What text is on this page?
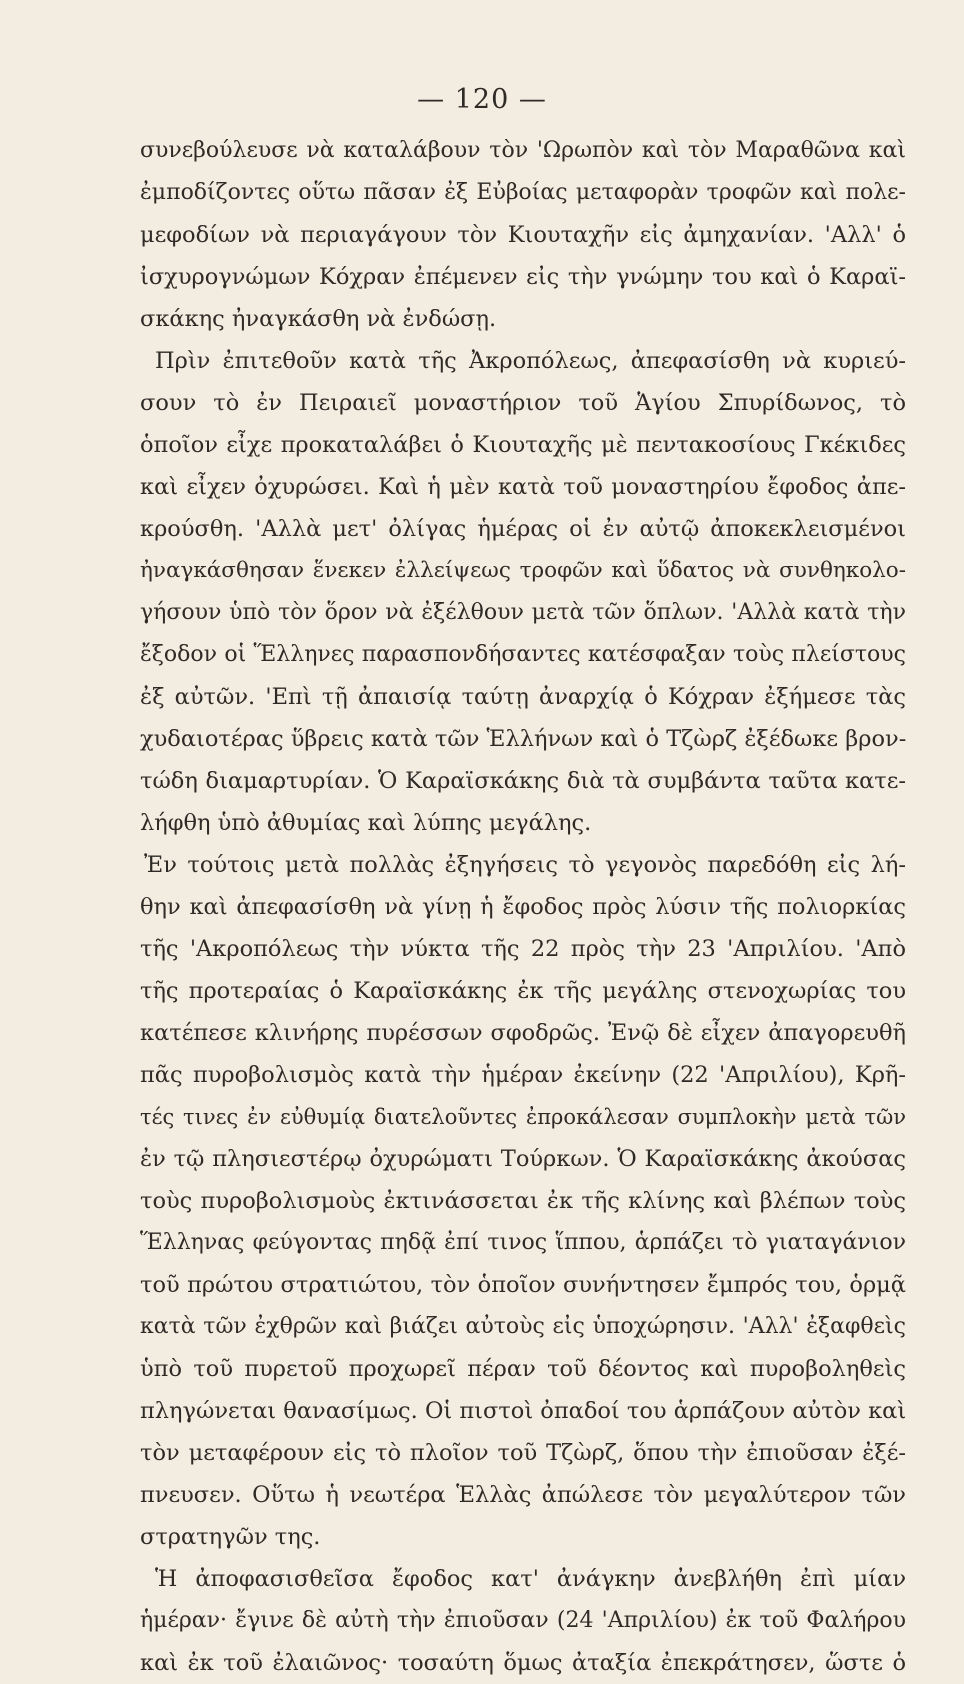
— 120 —
συνεβούλευσε νὰ καταλάβουν τὸν 'Ωρωπὸν καὶ τὸν Μαραθῶνα καὶ
ἐμποδίζοντες οὕτω πᾶσαν ἐξ Εὐβοίας μεταφορὰν τροφῶν καὶ πολε-
μεφοδίων νὰ περιαγάγουν τὸν Κιουταχῆν εἰς ἀμηχανίαν. 'Αλλ' ὁ
ἰσχυρογνώμων Κόχραν ἐπέμενεν εἰς τὴν γνώμην του καὶ ὁ Καραϊ-
σκάκης ἠναγκάσθη νὰ ἐνδώσῃ.
Πρὶν ἐπιτεθοῦν κατὰ τῆς Ἀκροπόλεως, ἀπεφασίσθη νὰ κυριεύ-
σουν τὸ ἐν Πειραιεῖ μοναστήριον τοῦ Ἁγίου Σπυρίδωνος, τὸ
ὁποῖον εἶχε προκαταλάβει ὁ Κιουταχῆς μὲ πεντακοσίους Γκέκιδες
καὶ εἶχεν ὀχυρώσει. Καὶ ἡ μὲν κατὰ τοῦ μοναστηρίου ἔφοδος ἀπε-
κρούσθη. 'Αλλὰ μετ' ὀλίγας ἡμέρας οἱ ἐν αὐτῷ ἀποκεκλεισμένοι
ἠναγκάσθησαν ἕνεκεν ἐλλείψεως τροφῶν καὶ ὕδατος νὰ συνθηκολο-
γήσουν ὑπὸ τὸν ὅρον νὰ ἐξέλθουν μετὰ τῶν ὅπλων. 'Αλλὰ κατὰ τὴν
ἔξοδον οἱ Ἕλληνες παρασπονδήσαντες κατέσφαξαν τοὺς πλείστους
ἐξ αὐτῶν. 'Επὶ τῇ ἀπαισίᾳ ταύτῃ ἀναρχίᾳ ὁ Κόχραν ἐξήμεσε τὰς
χυδαιοτέρας ὕβρεις κατὰ τῶν Ἑλλήνων καὶ ὁ Τζὼρζ ἐξέδωκε βρον-
τώδη διαμαρτυρίαν. Ὁ Καραϊσκάκης διὰ τὰ συμβάντα ταῦτα κατε-
λήφθη ὑπὸ ἀθυμίας καὶ λύπης μεγάλης.
Ἐν τούτοις μετὰ πολλὰς ἐξηγήσεις τὸ γεγονὸς παρεδόθη εἰς λή-
θην καὶ ἀπεφασίσθη νὰ γίνῃ ἡ ἔφοδος πρὸς λύσιν τῆς πολιορκίας
τῆς 'Ακροπόλεως τὴν νύκτα τῆς 22 πρὸς τὴν 23 'Απριλίου. 'Απὸ
τῆς προτεραίας ὁ Καραϊσκάκης ἐκ τῆς μεγάλης στενοχωρίας του
κατέπεσε κλινήρης πυρέσσων σφοδρῶς. Ἐνῷ δὲ εἶχεν ἀπαγορευθῆ
πᾶς πυροβολισμὸς κατὰ τὴν ἡμέραν ἐκείνην (22 'Απριλίου), Κρῆ-
τές τινες ἐν εὐθυμίᾳ διατελοῦντες ἐπροκάλεσαν συμπλοκὴν μετὰ τῶν
ἐν τῷ πλησιεστέρῳ ὀχυρώματι Τούρκων. Ὁ Καραϊσκάκης ἀκούσας
τοὺς πυροβολισμοὺς ἐκτινάσσεται ἐκ τῆς κλίνης καὶ βλέπων τοὺς
Ἕλληνας φεύγοντας πηδᾷ ἐπί τινος ἵππου, ἁρπάζει τὸ γιαταγάνιον
τοῦ πρώτου στρατιώτου, τὸν ὁποῖον συνήντησεν ἔμπρός του, ὁρμᾷ
κατὰ τῶν ἐχθρῶν καὶ βιάζει αὐτοὺς εἰς ὑποχώρησιν. 'Αλλ' ἐξαφθεὶς
ὑπὸ τοῦ πυρετοῦ προχωρεῖ πέραν τοῦ δέοντος καὶ πυροβοληθεὶς
πληγώνεται θανασίμως. Οἱ πιστοὶ ὀπαδοί του ἁρπάζουν αὐτὸν καὶ
τὸν μεταφέρουν εἰς τὸ πλοῖον τοῦ Τζὼρζ, ὅπου τὴν ἐπιοῦσαν ἐξέ-
πνευσεν. Οὕτω ἡ νεωτέρα Ἑλλὰς ἀπώλεσε τὸν μεγαλύτερον τῶν
στρατηγῶν της.
Ἡ ἀποφασισθεῖσα ἔφοδος κατ' ἀνάγκην ἀνεβλήθη ἐπὶ μίαν
ἡμέραν· ἔγινε δὲ αὐτὴ τὴν ἐπιοῦσαν (24 'Απριλίου) ἐκ τοῦ Φαλήρου
καὶ ἐκ τοῦ ἐλαιῶνος· τοσαύτη ὅμως ἀταξία ἐπεκράτησεν, ὥστε ὁ
